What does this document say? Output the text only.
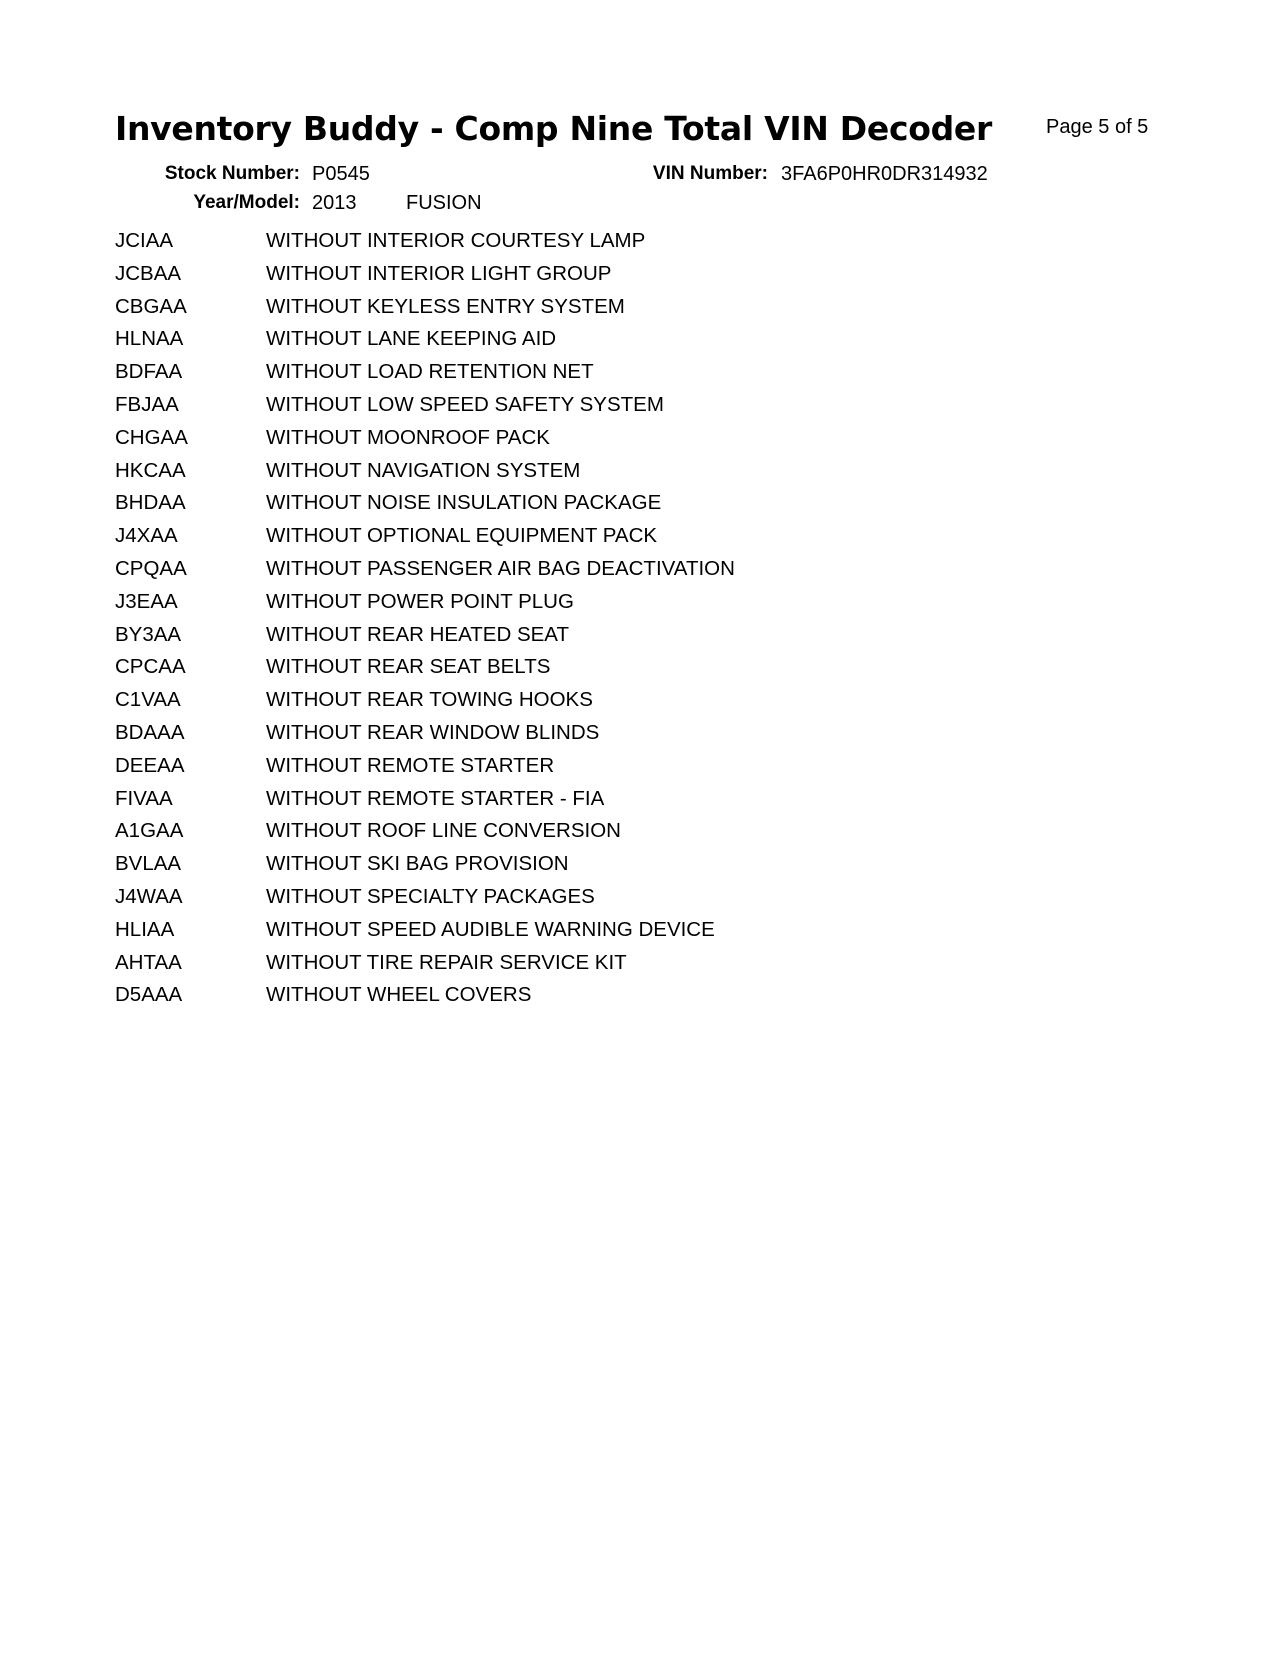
Inventory Buddy - Comp Nine Total VIN Decoder	Page 5 of 5
Stock Number: P0545
Year/Model: 2013 FUSION
VIN Number: 3FA6P0HR0DR314932
JCIAA	WITHOUT INTERIOR COURTESY LAMP
JCBAA	WITHOUT INTERIOR LIGHT GROUP
CBGAA	WITHOUT KEYLESS ENTRY SYSTEM
HLNAA	WITHOUT LANE KEEPING AID
BDFAA	WITHOUT LOAD RETENTION NET
FBJAA	WITHOUT LOW SPEED SAFETY SYSTEM
CHGAA	WITHOUT MOONROOF PACK
HKCAA	WITHOUT NAVIGATION SYSTEM
BHDAA	WITHOUT NOISE INSULATION PACKAGE
J4XAA	WITHOUT OPTIONAL EQUIPMENT PACK
CPQAA	WITHOUT PASSENGER AIR BAG DEACTIVATION
J3EAA	WITHOUT POWER POINT PLUG
BY3AA	WITHOUT REAR HEATED SEAT
CPCAA	WITHOUT REAR SEAT BELTS
C1VAA	WITHOUT REAR TOWING HOOKS
BDAAA	WITHOUT REAR WINDOW BLINDS
DEEAA	WITHOUT REMOTE STARTER
FIVAA	WITHOUT REMOTE STARTER - FIA
A1GAA	WITHOUT ROOF LINE CONVERSION
BVLAA	WITHOUT SKI BAG PROVISION
J4WAA	WITHOUT SPECIALTY PACKAGES
HLIAA	WITHOUT SPEED AUDIBLE WARNING DEVICE
AHTAA	WITHOUT TIRE REPAIR SERVICE KIT
D5AAA	WITHOUT WHEEL COVERS
